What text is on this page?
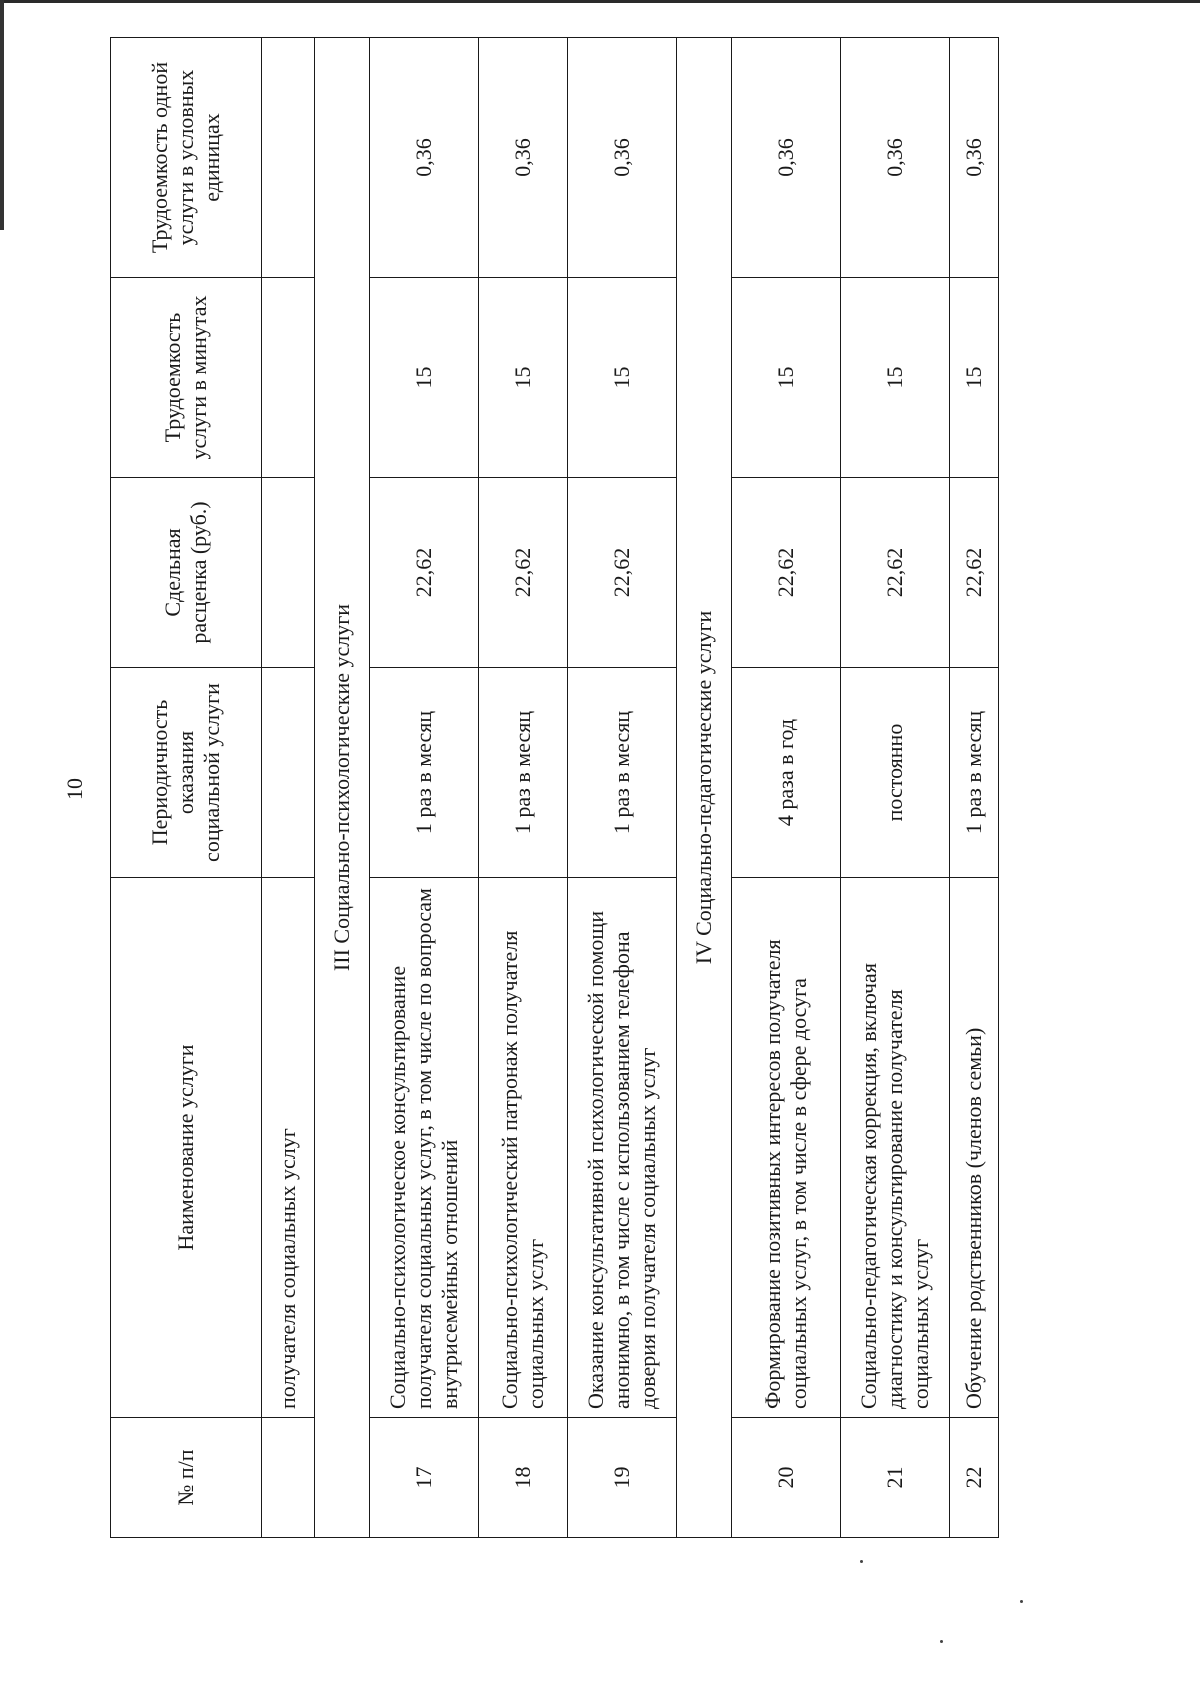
10
№ п/п	Наименование услуги	Периодичность оказания социальной услуги	Сдельная расценка (руб.)	Трудоемкость услуги в минутах	Трудоемкость одной услуги в условных единицах
	получателя социальных услуг				
III Социально-психологические услуги					
17	Социально-психологическое консультирование получателя социальных услуг, в том числе по вопросам внутрисемейных отношений	1 раз в месяц	22,62	15	0,36
18	Социально-психологический патронаж получателя социальных услуг	1 раз в месяц	22,62	15	0,36
19	Оказание консультативной психологической помощи анонимно, в том числе с использованием телефона доверия получателя социальных услуг	1 раз в месяц	22,62	15	0,36
IV Социально-педагогические услуги					
20	Формирование позитивных интересов получателя социальных услуг, в том числе в сфере досуга	4 раза в год	22,62	15	0,36
21	Социально-педагогическая коррекция, включая диагностику и консультирование получателя социальных услуг	постоянно	22,62	15	0,36
22	Обучение родственников (членов семьи)	1 раз в месяц	22,62	15	0,36
